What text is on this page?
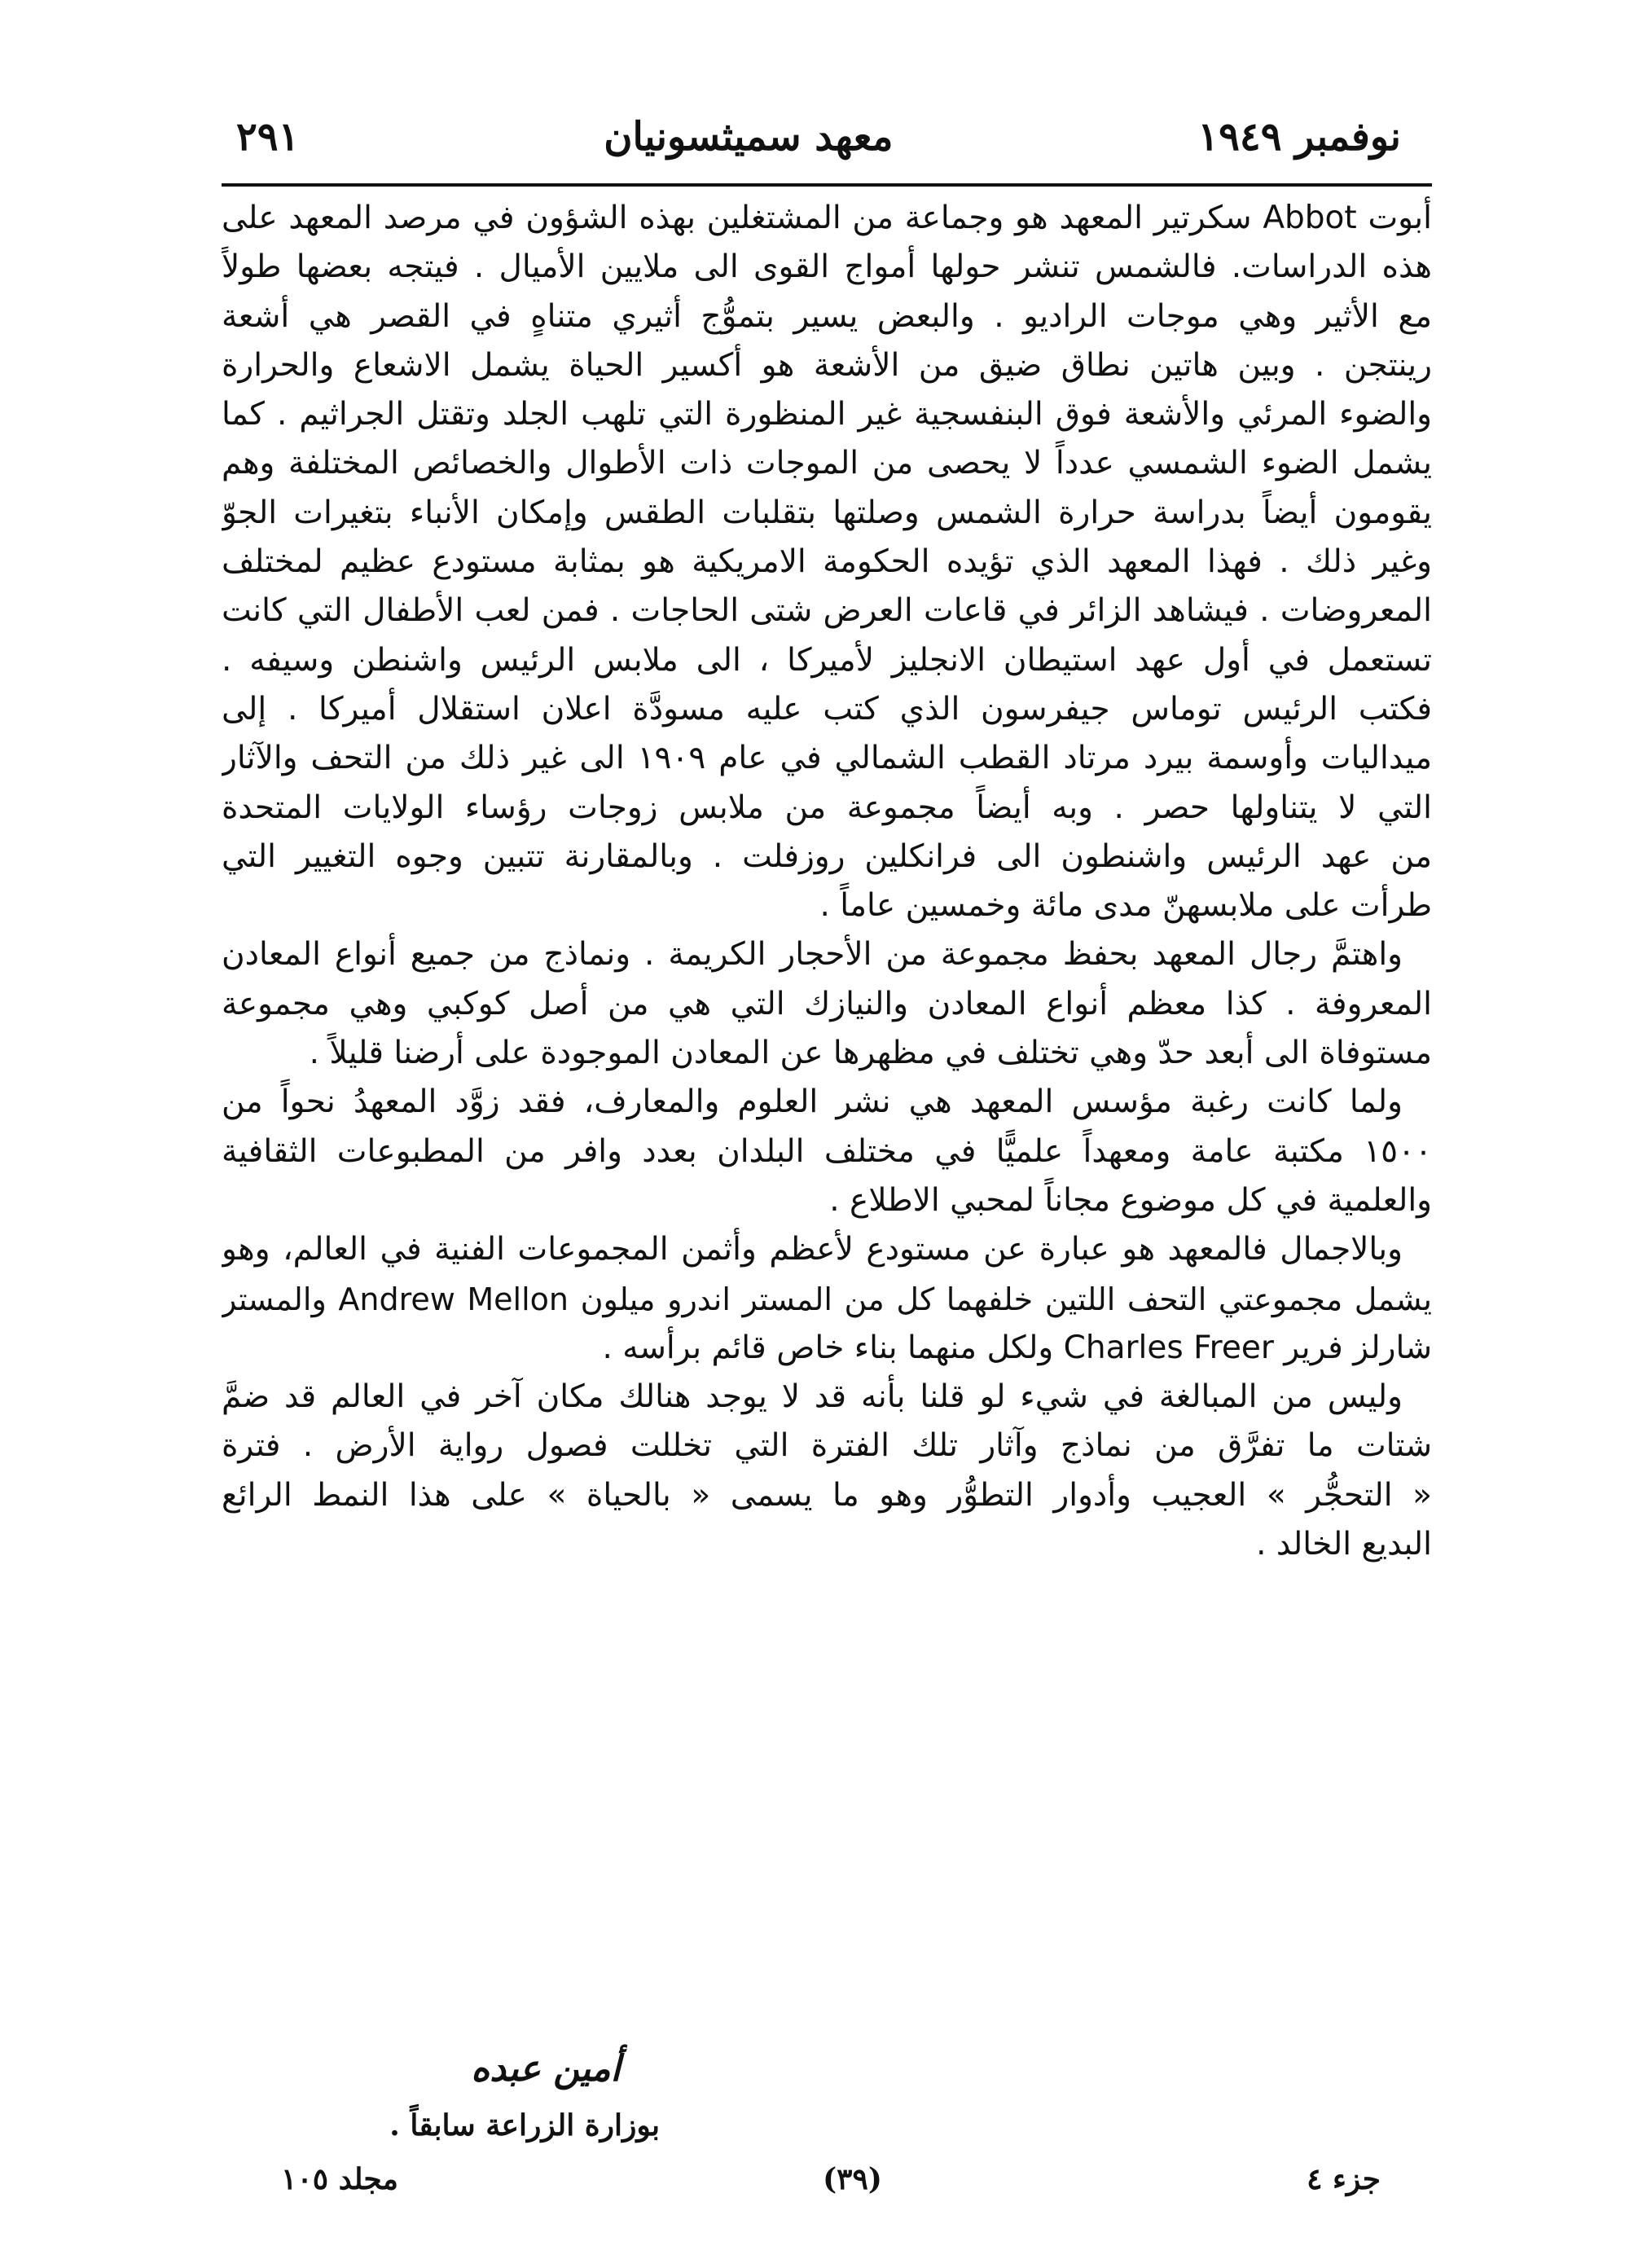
نوفمبر ١٩٤٩
معهد سميثسونيان
٢٩١
أبوت Abbot سكرتير المعهد هو وجماعة من المشتغلين بهذه الشؤون في مرصد المعهد على
هذه الدراسات. فالشمس تنشر حولها أمواج القوى الى ملايين الأميال . فيتجه بعضها طولاً
مع الأثير وهي موجات الراديو . والبعض يسير بتموُّج أثيري متناهٍ في القصر هي أشعة
رينتجن . وبين هاتين نطاق ضيق من الأشعة هو أكسير الحياة يشمل الاشعاع والحرارة
والضوء المرئي والأشعة فوق البنفسجية غير المنظورة التي تلهب الجلد وتقتل الجراثيم . كما
يشمل الضوء الشمسي عدداً لا يحصى من الموجات ذات الأطوال والخصائص المختلفة وهم
يقومون أيضاً بدراسة حرارة الشمس وصلتها بتقلبات الطقس وإمكان الأنباء بتغيرات الجوّ
وغير ذلك . فهذا المعهد الذي تؤيده الحكومة الامريكية هو بمثابة مستودع عظيم لمختلف
المعروضات . فيشاهد الزائر في قاعات العرض شتى الحاجات . فمن لعب الأطفال التي كانت
تستعمل في أول عهد استيطان الانجليز لأميركا ، الى ملابس الرئيس واشنطن وسيفه .
فكتب الرئيس توماس جيفرسون الذي كتب عليه مسودَّة اعلان استقلال أميركا . إلى
ميداليات وأوسمة بيرد مرتاد القطب الشمالي في عام ١٩٠٩ الى غير ذلك من التحف والآثار
التي لا يتناولها حصر . وبه أيضاً مجموعة من ملابس زوجات رؤساء الولايات المتحدة
من عهد الرئيس واشنطون الى فرانكلين روزفلت . وبالمقارنة تتبين وجوه التغيير التي
طرأت على ملابسهنّ مدى مائة وخمسين عاماً .
واهتمَّ رجال المعهد بحفظ مجموعة من الأحجار الكريمة . ونماذج من جميع أنواع المعادن
المعروفة . كذا معظم أنواع المعادن والنيازك التي هي من أصل كوكبي وهي مجموعة
مستوفاة الى أبعد حدّ وهي تختلف في مظهرها عن المعادن الموجودة على أرضنا قليلاً .
ولما كانت رغبة مؤسس المعهد هي نشر العلوم والمعارف، فقد زوَّد المعهدُ نحواً من
١٥٠٠ مكتبة عامة ومعهداً علميًّا في مختلف البلدان بعدد وافر من المطبوعات الثقافية
والعلمية في كل موضوع مجاناً لمحبي الاطلاع .
وبالاجمال فالمعهد هو عبارة عن مستودع لأعظم وأثمن المجموعات الفنية في العالم، وهو
يشمل مجموعتي التحف اللتين خلفهما كل من المستر اندرو ميلون Andrew Mellon والمستر
شارلز فرير Charles Freer ولكل منهما بناء خاص قائم برأسه .
وليس من المبالغة في شيء لو قلنا بأنه قد لا يوجد هنالك مكان آخر في العالم قد ضمَّ
شتات ما تفرَّق من نماذج وآثار تلك الفترة التي تخللت فصول رواية الأرض . فترة
« التحجُّر » العجيب وأدوار التطوُّر وهو ما يسمى « بالحياة » على هذا النمط الرائع
البديع الخالد .
أمين عبده
بوزارة الزراعة سابقاً .
جزء ٤
(٣٩)
مجلد ١٠٥
